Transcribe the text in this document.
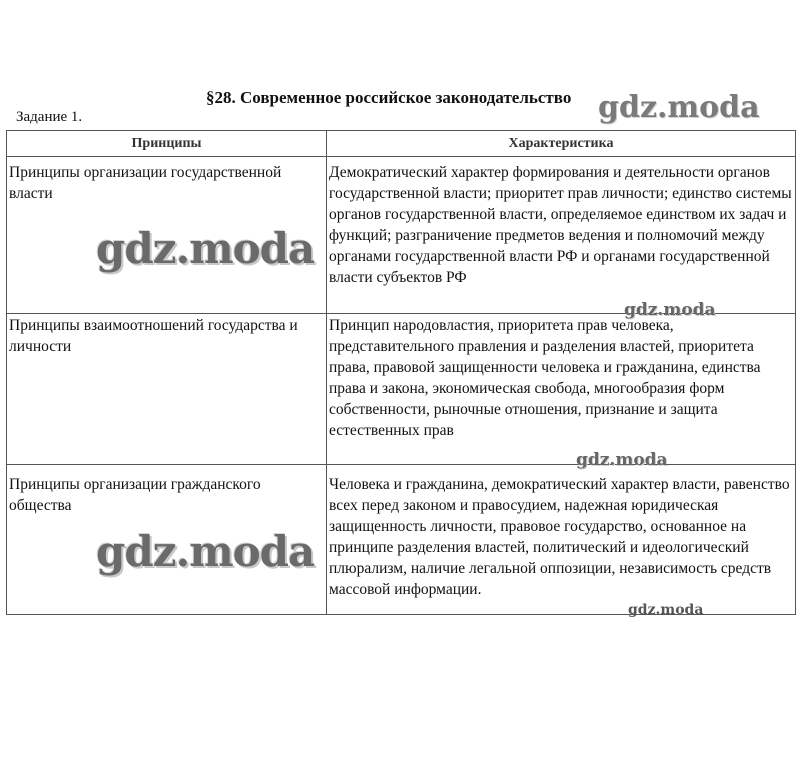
§28. Современное российское законодательство
Задание 1.
Принципы	Характеристика
Принципы организации государственной власти	Демократический характер формирования и деятельности органов государственной власти; приоритет прав личности; единство системы органов государственной власти, определяемое единством их задач и функций; разграничение предметов ведения и полномочий между органами государственной власти РФ и органами государственной власти субъектов РФ
Принципы взаимоотношений государства и личности	Принцип народовластия, приоритета прав человека, представительного правления и разделения властей, приоритета права, правовой защищенности человека и гражданина, единства права и закона, экономическая свобода, многообразия форм собственности, рыночные отношения, признание и защита естественных прав
Принципы организации гражданского общества	Человека и гражданина, демократический характер власти, равенство всех перед законом и правосудием, надежная юридическая защищенность личности, правовое государство, основанное на принципе разделения властей, политический и идеологический плюрализм, наличие легальной оппозиции, независимость средств массовой информации.
gdz.moda
gdz.moda
gdz.moda
gdz.moda
gdz.moda
gdz.moda
